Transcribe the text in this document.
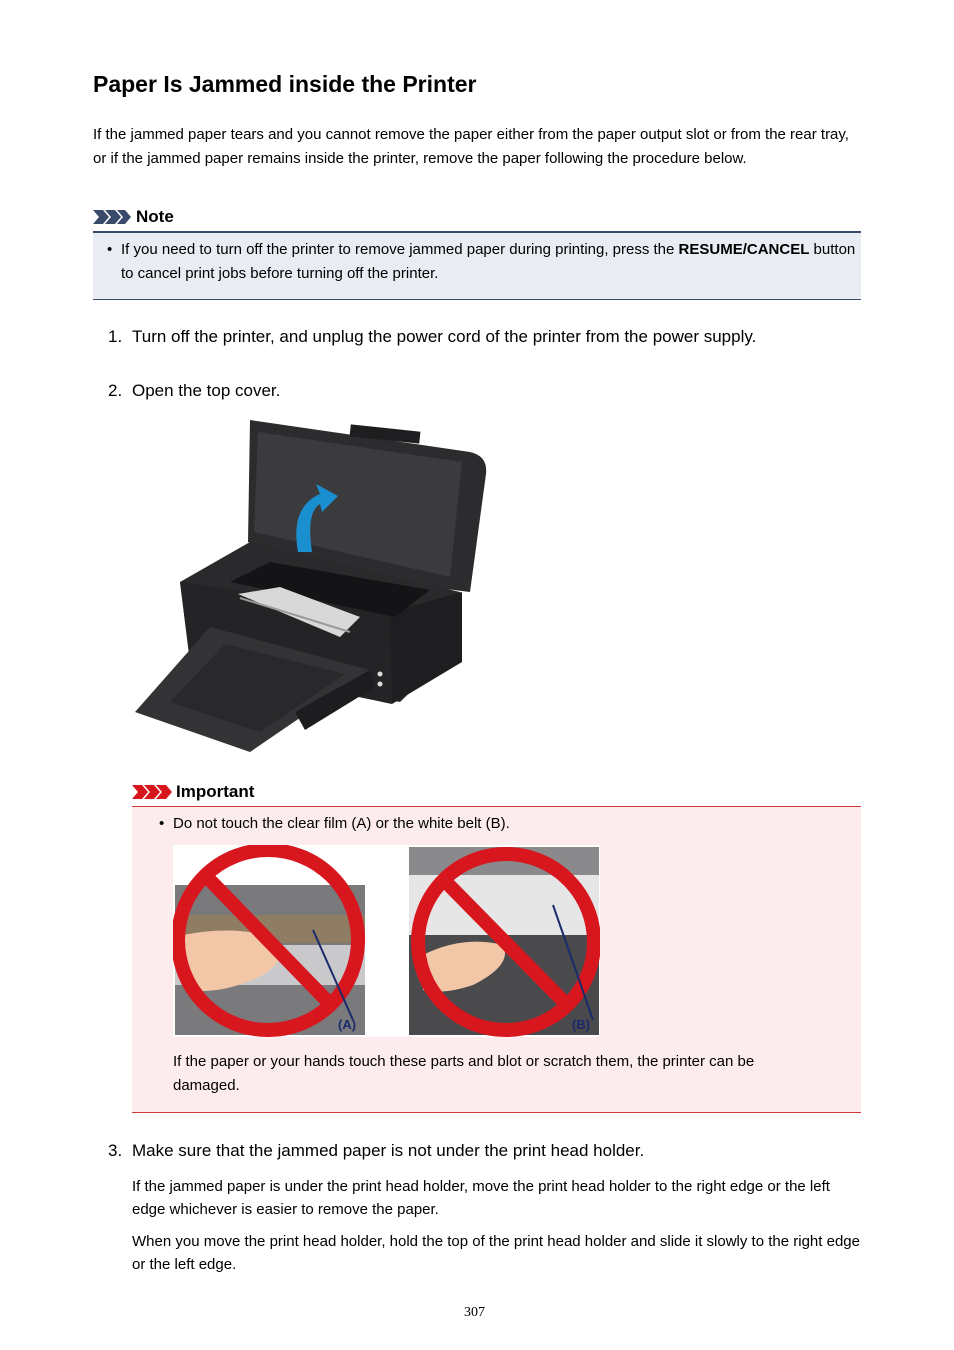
Paper Is Jammed inside the Printer
If the jammed paper tears and you cannot remove the paper either from the paper output slot or from the rear tray, or if the jammed paper remains inside the printer, remove the paper following the procedure below.
Note
• If you need to turn off the printer to remove jammed paper during printing, press the RESUME/CANCEL button to cancel print jobs before turning off the printer.
1. Turn off the printer, and unplug the power cord of the printer from the power supply.
2. Open the top cover.
Important
• Do not touch the clear film (A) or the white belt (B).
(A)	(B)
If the paper or your hands touch these parts and blot or scratch them, the printer can be damaged.
3. Make sure that the jammed paper is not under the print head holder.
If the jammed paper is under the print head holder, move the print head holder to the right edge or the left edge whichever is easier to remove the paper.
When you move the print head holder, hold the top of the print head holder and slide it slowly to the right edge or the left edge.
307
